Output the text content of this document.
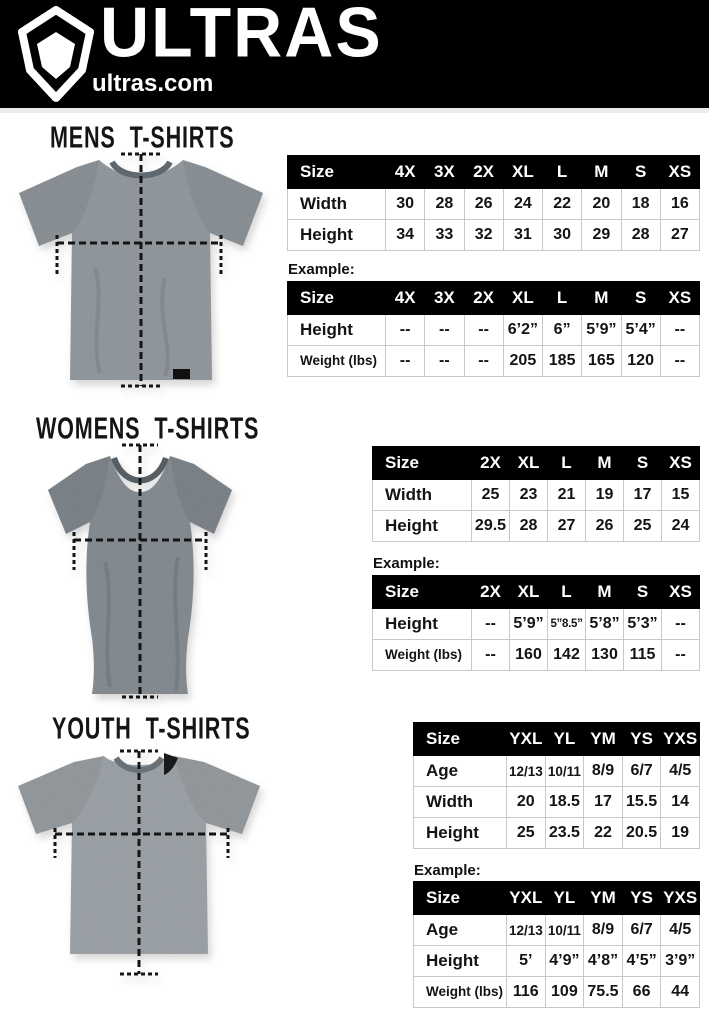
ULTRAS

ultras.com

MENS T-SHIRTS
Size	4X	3X	2X	XL	L	M	S	XS
Width	30	28	26	24	22	20	18	16
Height	34	33	32	31	30	29	28	27
Example:
Size	4X	3X	2X	XL	L	M	S	XS
Height	--	--	--	6’2”	6”	5’9”	5’4”	--
Weight (lbs)	--	--	--	205	185	165	120	--
WOMENS T-SHIRTS
Size	2X	XL	L	M	S	XS
Width	25	23	21	19	17	15
Height	29.5	28	27	26	25	24
Example:
Size	2X	XL	L	M	S	XS
Height	--	5’9”	5”8.5”	5’8”	5’3”	--
Weight (lbs)	--	160	142	130	115	--
YOUTH T-SHIRTS	Size	YXL	YL	YM	YS	YXS
Age	12/13	10/11	8/9	6/7	4/5
Width	20	18.5	17	15.5	14
Height	25	23.5	22	20.5	19
Example:
Size	YXL	YL	YM	YS	YXS
Age	12/13	10/11	8/9	6/7	4/5
Height	5’	4’9”	4’8”	4’5”	3’9”
Weight (lbs)	116	109	75.5	66	44
